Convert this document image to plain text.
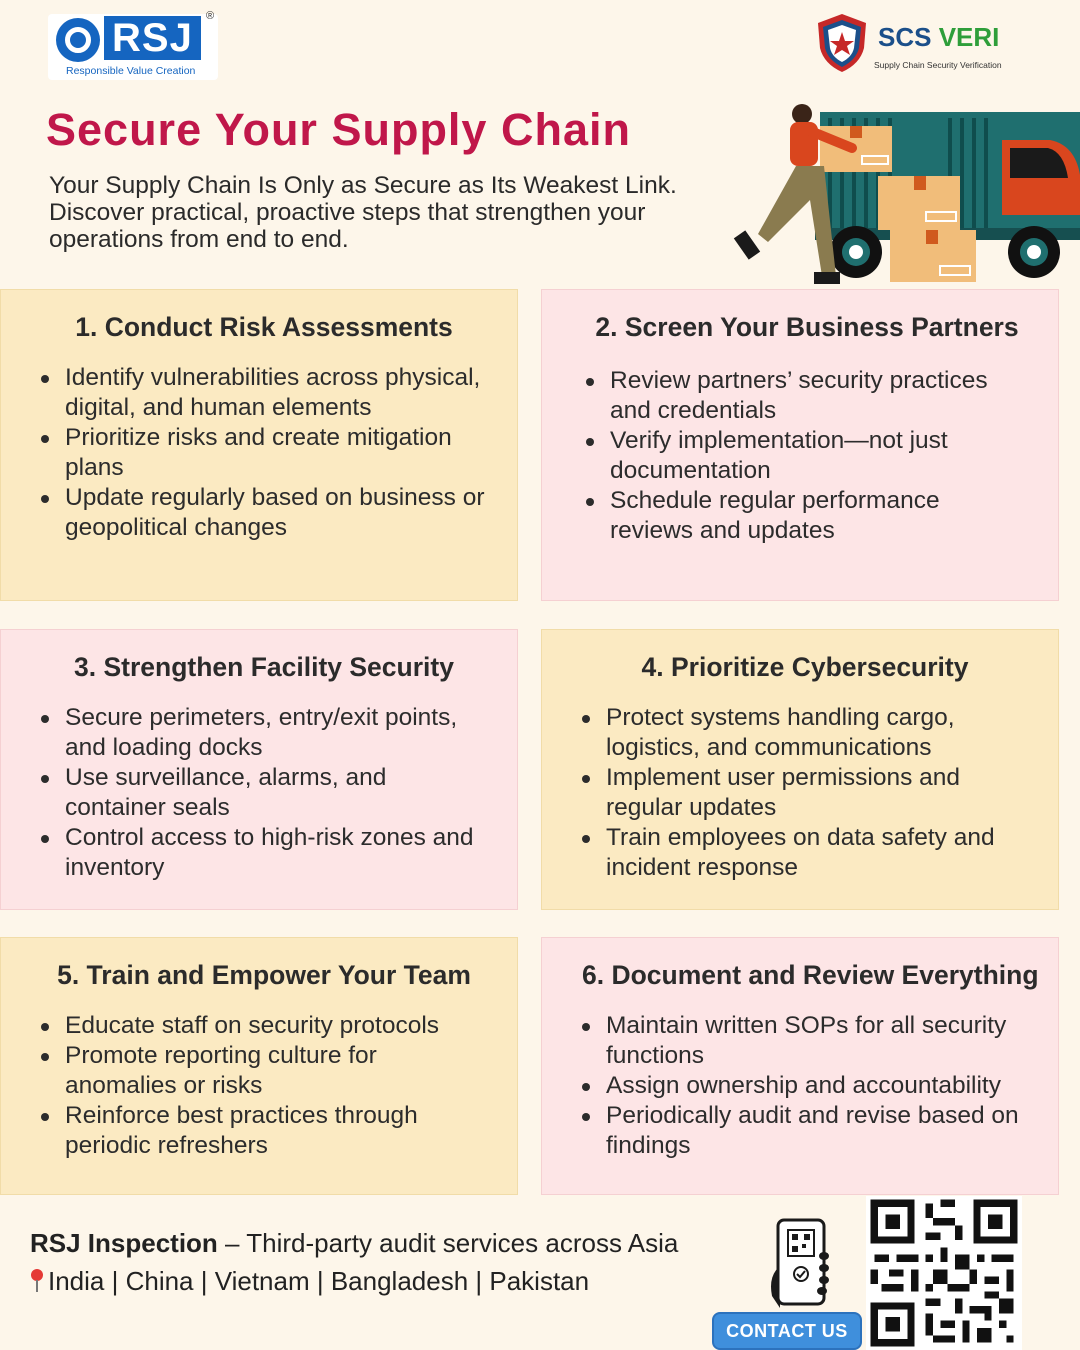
RSJ	®
Responsible Value Creation
SCS VERI
Supply Chain Security Verification
Secure Your Supply Chain

Your Supply Chain Is Only as Secure as Its Weakest Link. Discover practical, proactive steps that strengthen your operations from end to end.

1. Conduct Risk Assessments
Identify vulnerabilities across physical, digital, and human elements
Prioritize risks and create mitigation plans
Update regularly based on business or geopolitical changes
2. Screen Your Business Partners
Review partners’ security practices and credentials
Verify implementation—not just documentation
Schedule regular performance reviews and updates
3. Strengthen Facility Security
Secure perimeters, entry/exit points, and loading docks
Use surveillance, alarms, and container seals
Control access to high-risk zones and inventory
4. Prioritize Cybersecurity
Protect systems handling cargo, logistics, and communications
Implement user permissions and regular updates
Train employees on data safety and incident response
5. Train and Empower Your Team
Educate staff on security protocols
Promote reporting culture for anomalies or risks
Reinforce best practices through periodic refreshers
6. Document and Review Everything
Maintain written SOPs for all security functions
Assign ownership and accountability
Periodically audit and revise based on findings
RSJ Inspection – Third-party audit services across Asia
India | China | Vietnam | Bangladesh | Pakistan
CONTACT US
